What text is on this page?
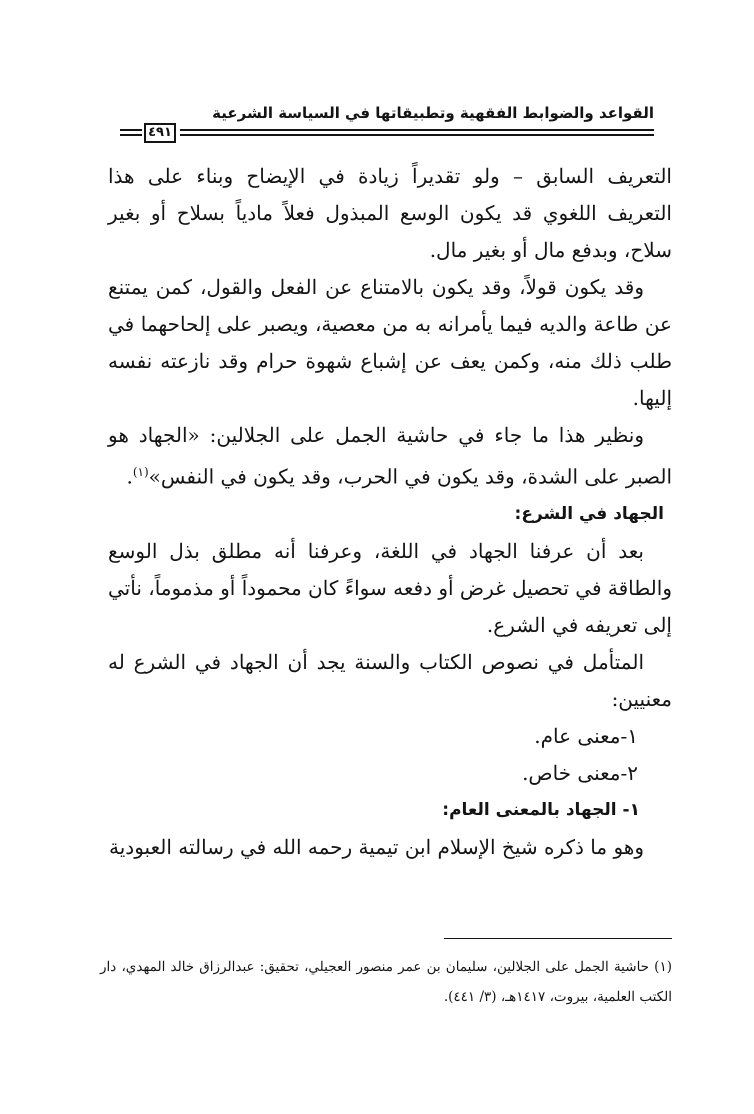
القواعد والضوابط الفقهية وتطبيقاتها في السياسة الشرعية
٤٩١

التعريف السابق – ولو تقديراً زيادة في الإيضاح وبناء على هذا التعريف اللغوي قد يكون الوسع المبذول فعلاً مادياً بسلاح أو بغير سلاح، وبدفع مال أو بغير مال.

وقد يكون قولاً، وقد يكون بالامتناع عن الفعل والقول، كمن يمتنع عن طاعة والديه فيما يأمرانه به من معصية، ويصبر على إلحاحهما في طلب ذلك منه، وكمن يعف عن إشباع شهوة حرام وقد نازعته نفسه إليها.

ونظير هذا ما جاء في حاشية الجمل على الجلالين: «الجهاد هو الصبر على الشدة، وقد يكون في الحرب، وقد يكون في النفس»$^{(١)}$.

الجهاد في الشرع:

بعد أن عرفنا الجهاد في اللغة، وعرفنا أنه مطلق بذل الوسع والطاقة في تحصيل غرض أو دفعه سواءً كان محموداً أو مذموماً، نأتي إلى تعريفه في الشرع.

المتأمل في نصوص الكتاب والسنة يجد أن الجهاد في الشرع له معنيين:

١-معنى عام.

٢-معنى خاص.

١- الجهاد بالمعنى العام:

وهو ما ذكره شيخ الإسلام ابن تيمية رحمه الله في رسالته العبودية

(١) حاشية الجمل على الجلالين، سليمان بن عمر منصور العجيلي، تحقيق: عبدالرزاق خالد المهدي، دار الكتب العلمية، بيروت، ١٤١٧هـ، (٣/ ٤٤١).
